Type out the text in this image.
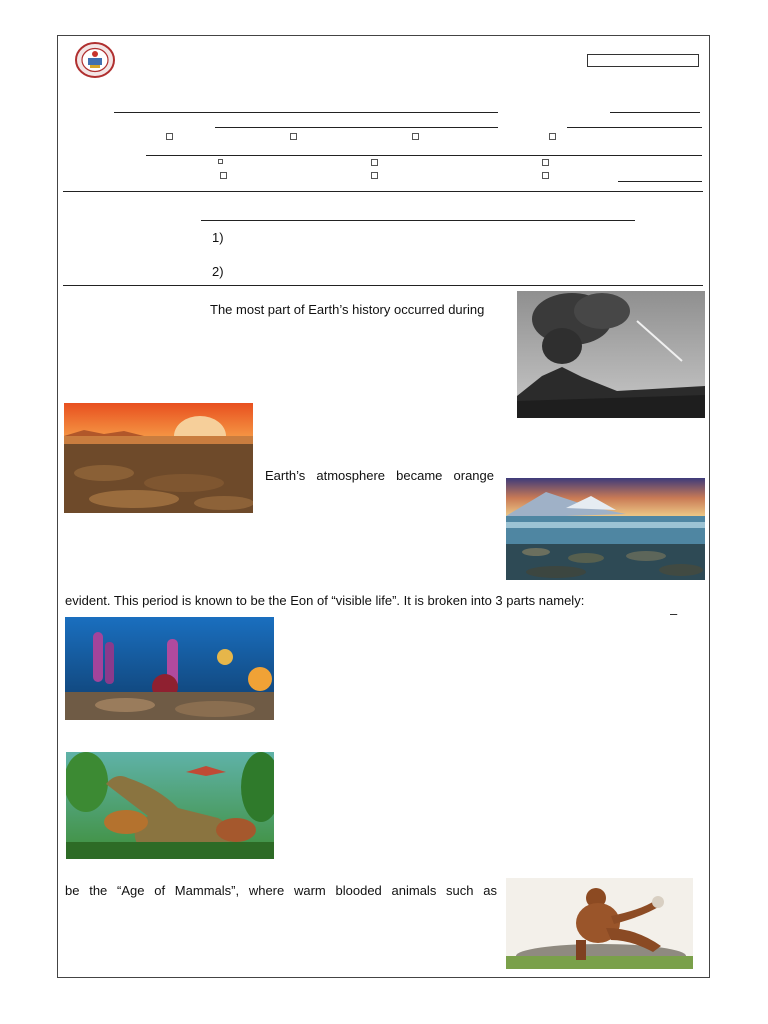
1)
2)
The most part of Earth’s history occurred during
Earth’s atmosphere became orange
evident. This period is known to be the Eon of “visible life”. It is broken into 3 parts namely:
–
be the “Age of Mammals”, where warm blooded animals such as
